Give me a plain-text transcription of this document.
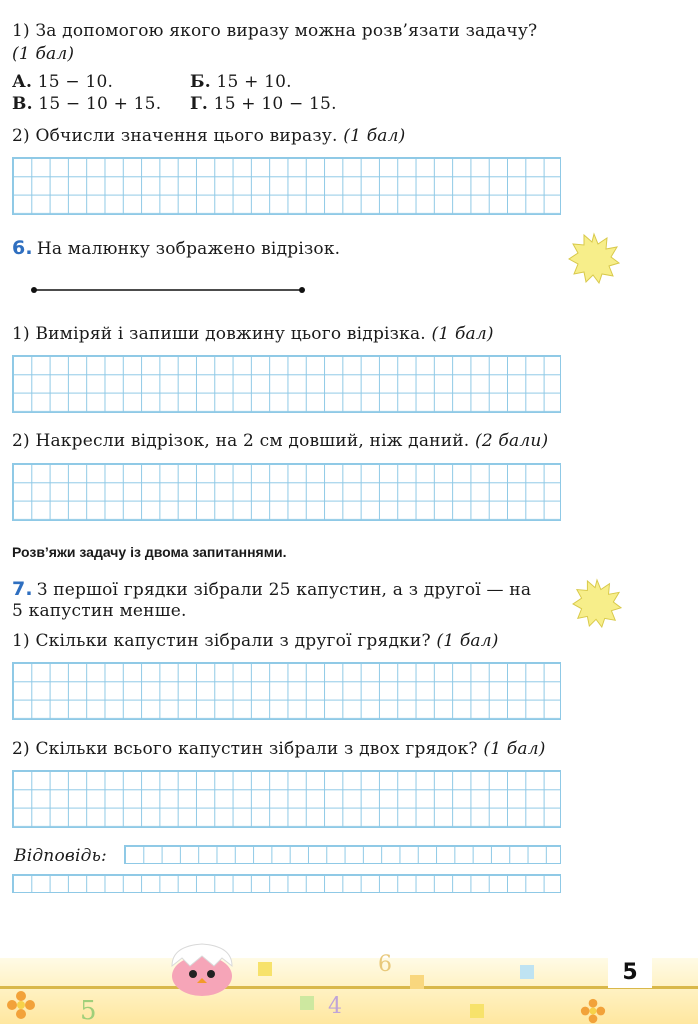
1) За допомогою якого виразу можна розв’язати задачу?
(1 бал)
А. 15 − 10.	Б. 15 + 10.
В. 15 − 10 + 15. Г. 15 + 10 − 15.
2) Обчисли значення цього виразу. (1 бал)
6. На малюнку зображено відрізок.
1) Виміряй і запиши довжину цього відрізка. (1 бал)
2) Накресли відрізок, на 2 см довший, ніж даний. (2 бали)
Розв’яжи задачу із двома запитаннями.
7. З першої грядки зібрали 25 капустин, а з другої — на
5 капустин менше.
1) Скільки капустин зібрали з другої грядки? (1 бал)
2) Скільки всього капустин зібрали з двох грядок? (1 бал)
Відповідь:
6
5	4
5
